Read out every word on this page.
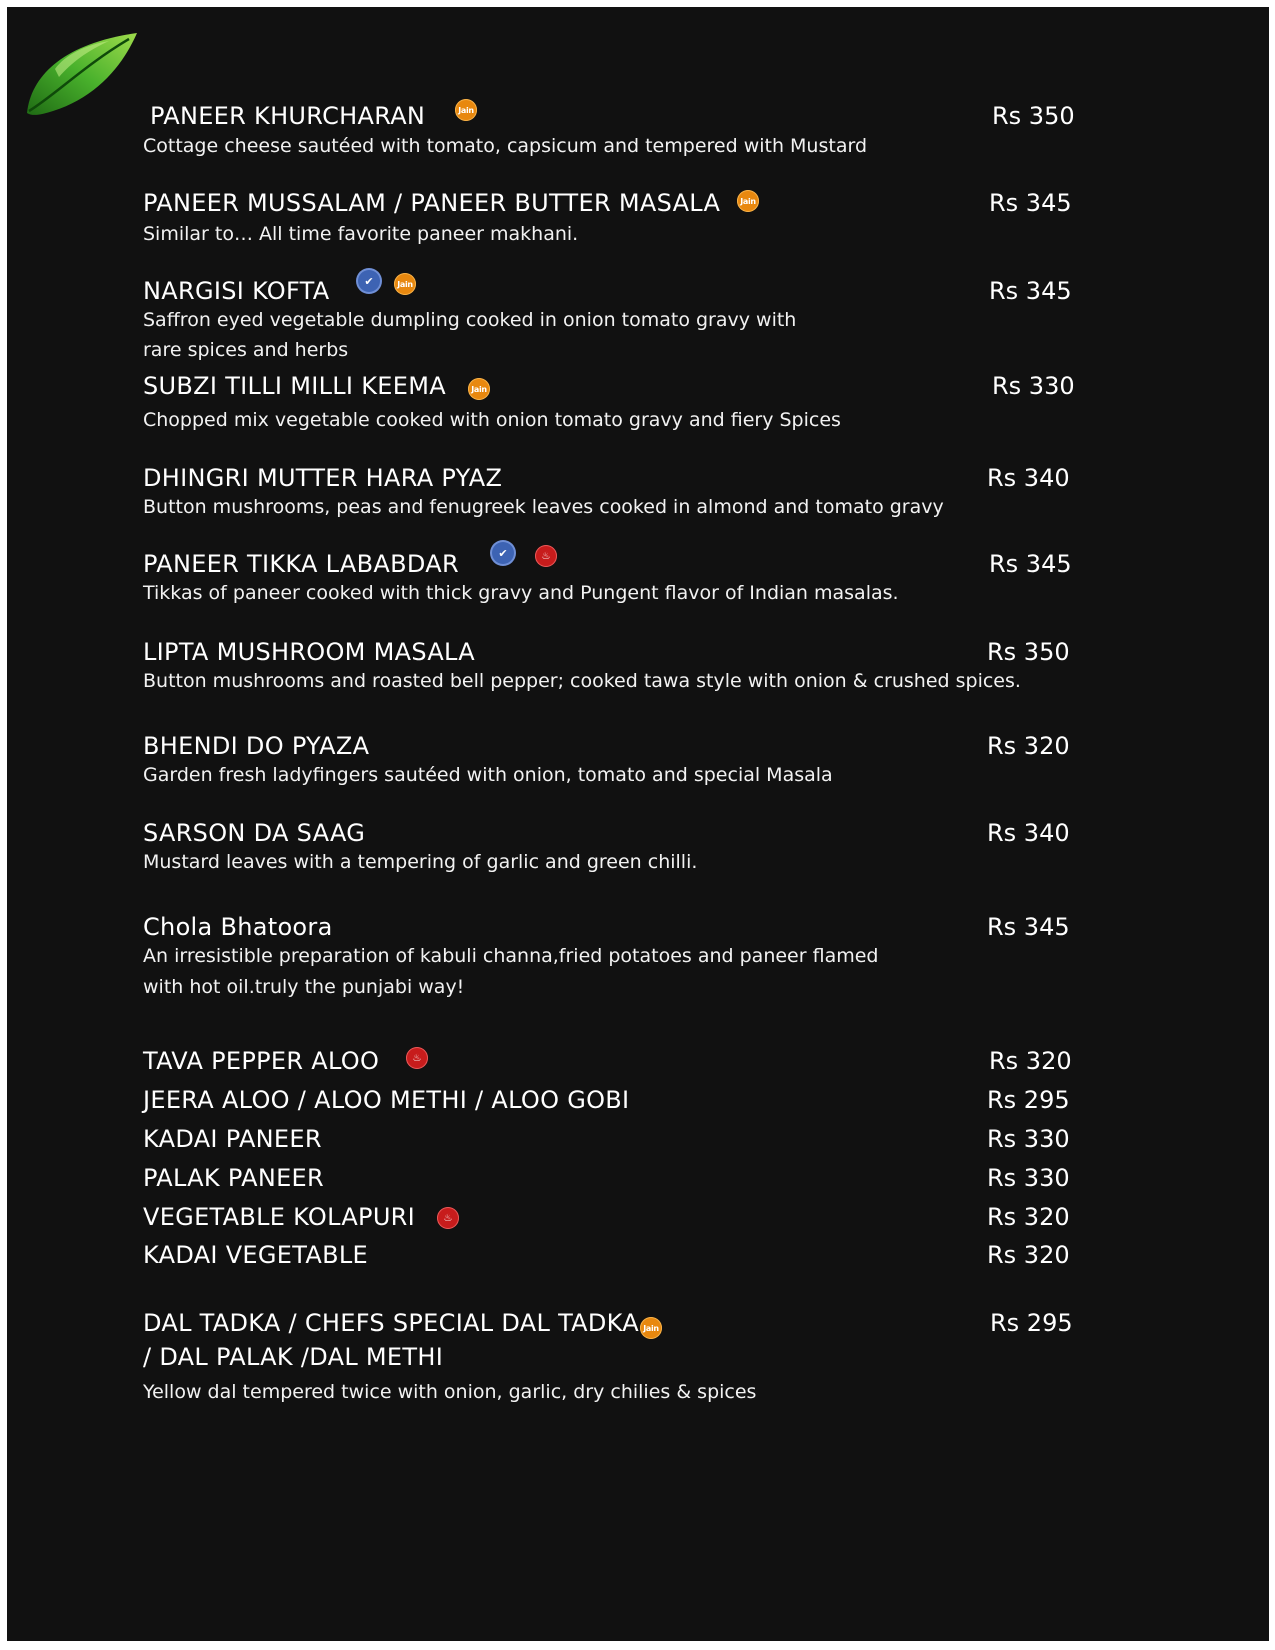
PANEER KHURCHARAN	Jain	Rs 350
Cottage cheese sautéed with tomato, capsicum and tempered with Mustard
PANEER MUSSALAM / PANEER BUTTER MASALA Jain	Rs 345
Similar to… All time favorite paneer makhani.
NARGISI KOFTA	✔	Jain	Rs 345
Saffron eyed vegetable dumpling cooked in onion tomato gravy with
rare spices and herbs
SUBZI TILLI MILLI KEEMA	Jain	Rs 330
Chopped mix vegetable cooked with onion tomato gravy and fiery Spices
DHINGRI MUTTER HARA PYAZ	Rs 340
Button mushrooms, peas and fenugreek leaves cooked in almond and tomato gravy
PANEER TIKKA LABABDAR	✔	♨	Rs 345
Tikkas of paneer cooked with thick gravy and Pungent flavor of Indian masalas.
LIPTA MUSHROOM MASALA	Rs 350
Button mushrooms and roasted bell pepper; cooked tawa style with onion & crushed spices.
BHENDI DO PYAZA	Rs 320
Garden fresh ladyfingers sautéed with onion, tomato and special Masala
SARSON DA SAAG	Rs 340
Mustard leaves with a tempering of garlic and green chilli.
Chola Bhatoora	Rs 345
An irresistible preparation of kabuli channa,fried potatoes and paneer flamed
with hot oil.truly the punjabi way!
TAVA PEPPER ALOO	♨	Rs 320
JEERA ALOO / ALOO METHI / ALOO GOBI	Rs 295
KADAI PANEER	Rs 330
PALAK PANEER	Rs 330
VEGETABLE KOLAPURI	♨	Rs 320
KADAI VEGETABLE	Rs 320
DAL TADKA / CHEFS SPECIAL DAL TADKA Jain	Rs 295
/ DAL PALAK /DAL METHI
Yellow dal tempered twice with onion, garlic, dry chilies & spices
